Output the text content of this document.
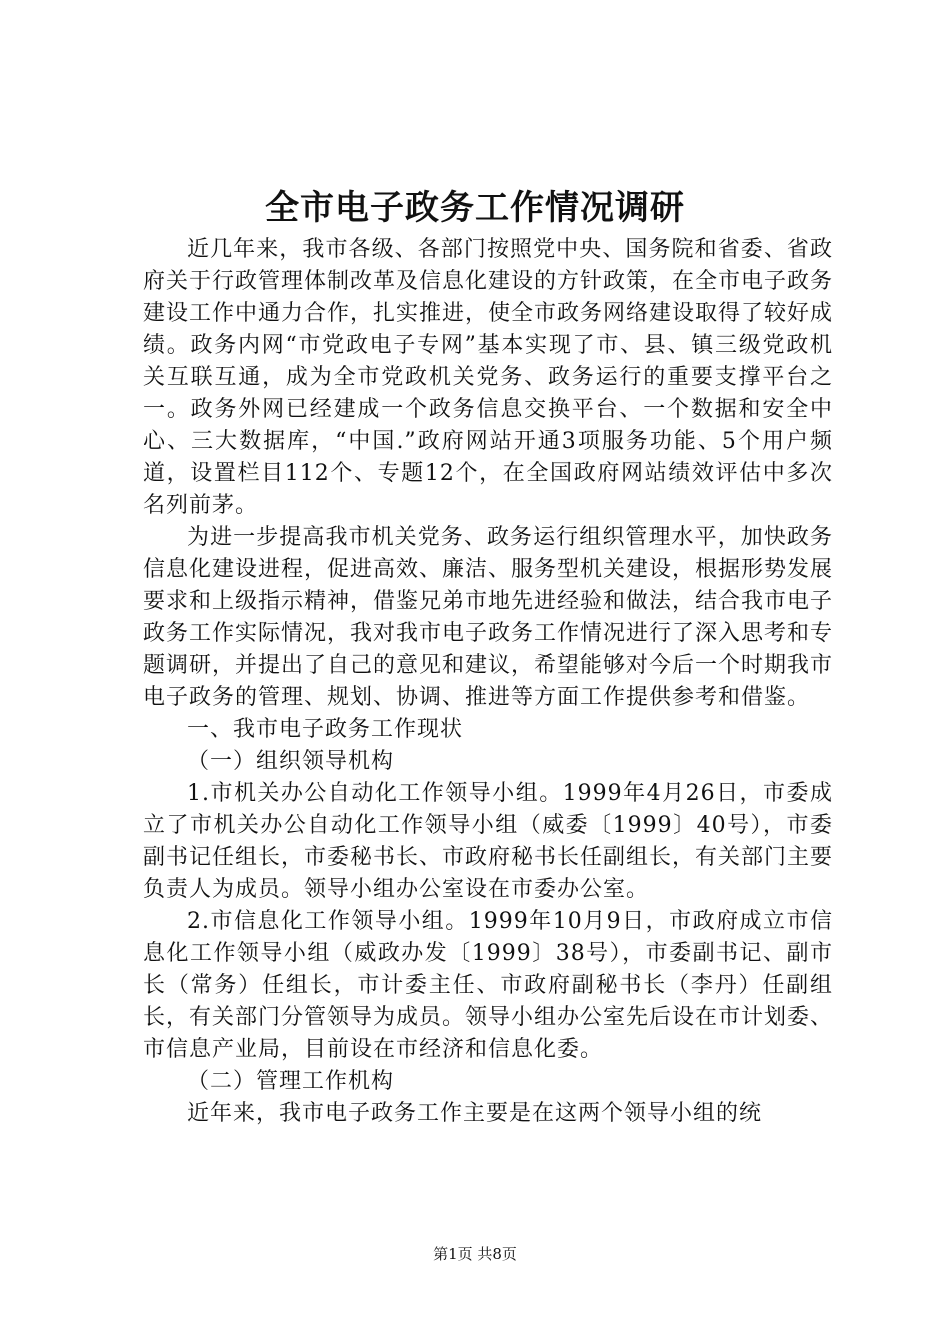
全市电子政务工作情况调研

近几年来，我市各级、各部门按照党中央、国务院和省委、省政府关于行政管理体制改革及信息化建设的方针政策，在全市电子政务建设工作中通力合作，扎实推进，使全市政务网络建设取得了较好成绩。政务内网“市党政电子专网”基本实现了市、县、镇三级党政机关互联互通，成为全市党政机关党务、政务运行的重要支撑平台之一。政务外网已经建成一个政务信息交换平台、一个数据和安全中心、三大数据库，“中国.”政府网站开通3项服务功能、5个用户频道，设置栏目112个、专题12个，在全国政府网站绩效评估中多次名列前茅。

为进一步提高我市机关党务、政务运行组织管理水平，加快政务信息化建设进程，促进高效、廉洁、服务型机关建设，根据形势发展要求和上级指示精神，借鉴兄弟市地先进经验和做法，结合我市电子政务工作实际情况，我对我市电子政务工作情况进行了深入思考和专题调研，并提出了自己的意见和建议，希望能够对今后一个时期我市电子政务的管理、规划、协调、推进等方面工作提供参考和借鉴。

一、我市电子政务工作现状

（一）组织领导机构

1.市机关办公自动化工作领导小组。1999年4月26日，市委成立了市机关办公自动化工作领导小组（威委〔1999〕40号），市委副书记任组长，市委秘书长、市政府秘书长任副组长，有关部门主要负责人为成员。领导小组办公室设在市委办公室。

2.市信息化工作领导小组。1999年10月9日，市政府成立市信息化工作领导小组（威政办发〔1999〕38号），市委副书记、副市长（常务）任组长，市计委主任、市政府副秘书长（李丹）任副组长，有关部门分管领导为成员。领导小组办公室先后设在市计划委、市信息产业局，目前设在市经济和信息化委。

（二）管理工作机构

近年来，我市电子政务工作主要是在这两个领导小组的统

第1页 共8页
